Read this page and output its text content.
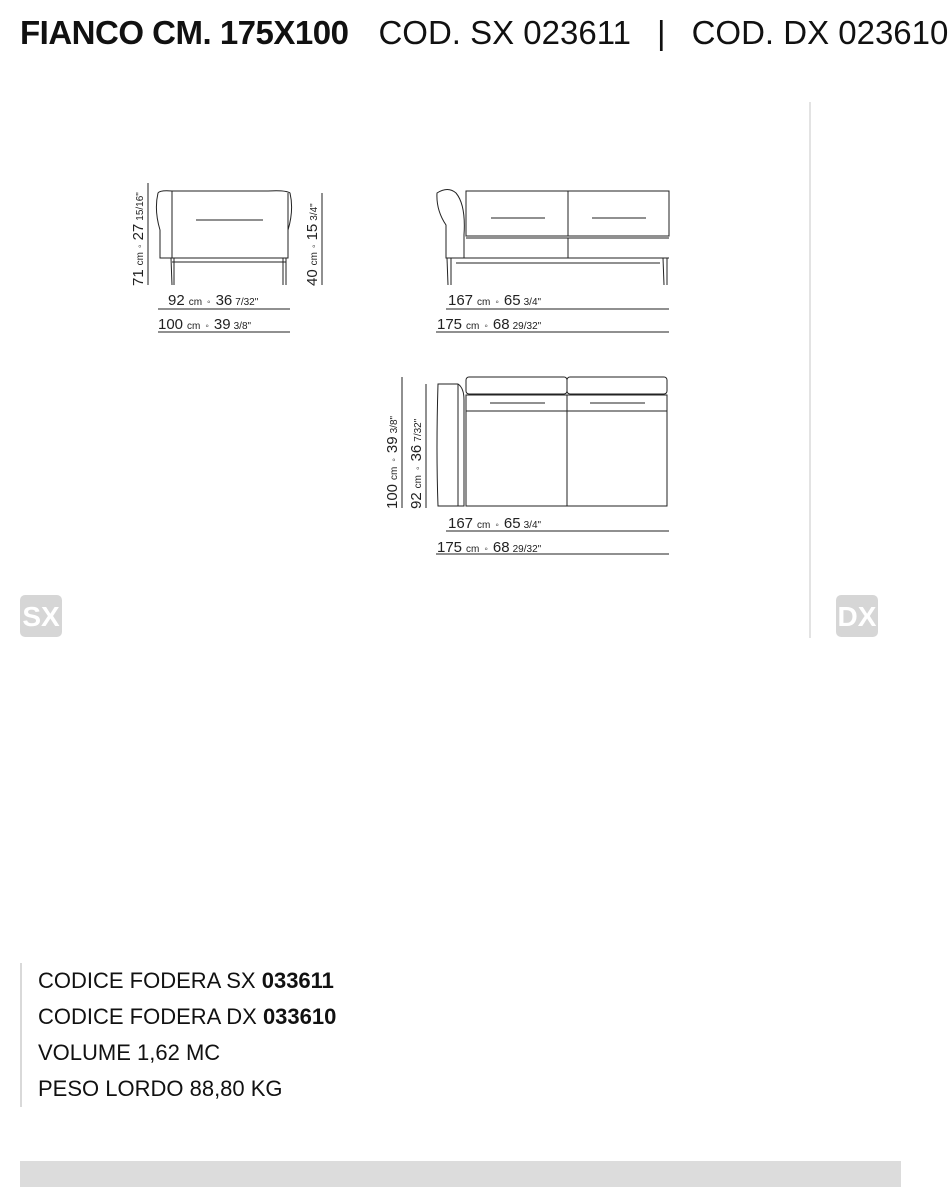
FIANCO CM. 175X100 COD. SX 023611 | COD. DX 023610
71cm◦2715/16"
40cm◦153/4"
92 cm ◦ 36 7/32"
100 cm ◦ 39 3/8"
167 cm ◦ 65 3/4"
175 cm ◦ 68 29/32"
100cm◦393/8"
92cm◦367/32"
167 cm ◦ 65 3/4"
175 cm ◦ 68 29/32"
SX	DX
CODICE FODERA SX 033611
CODICE FODERA DX 033610
VOLUME 1,62 MC
PESO LORDO 88,80 KG
